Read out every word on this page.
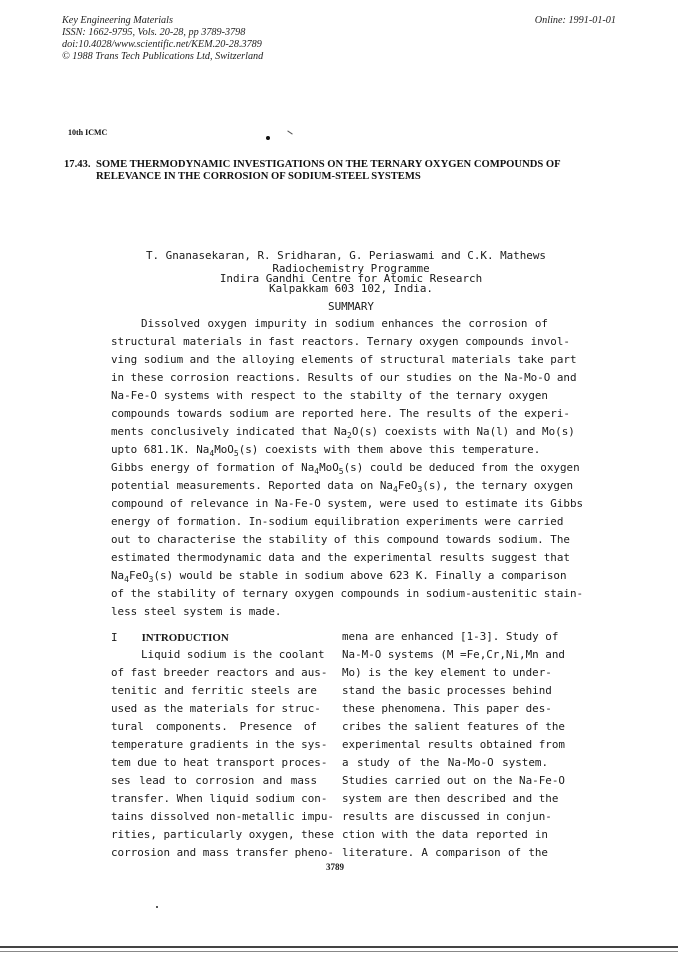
Key Engineering Materials
ISSN: 1662-9795, Vols. 20-28, pp 3789-3798
doi:10.4028/www.scientific.net/KEM.20-28.3789
© 1988 Trans Tech Publications Ltd, Switzerland
Online: 1991-01-01
10th ICMC
17.43. SOME THERMODYNAMIC INVESTIGATIONS ON THE TERNARY OXYGEN COMPOUNDS OF
RELEVANCE IN THE CORROSION OF SODIUM-STEEL SYSTEMS
T. Gnanasekaran, R. Sridharan, G. Periaswami and C.K. Mathews
Radiochemistry Programme
Indira Gandhi Centre for Atomic Research
Kalpakkam 603 102, India.
SUMMARY
Dissolved oxygen impurity in sodium enhances the corrosion of
structural materials in fast reactors. Ternary oxygen compounds invol-
ving sodium and the alloying elements of structural materials take part
in these corrosion reactions. Results of our studies on the Na-Mo-O and
Na-Fe-O systems with respect to the stabilty of the ternary oxygen
compounds towards sodium are reported here. The results of the experi-
ments conclusively indicated that $Na_2O(s)$ coexists with Na(l) and Mo(s)
upto 681.1K. $Na_4MoO_5(s)$ coexists with them above this temperature.
Gibbs energy of formation of $Na_4MoO_5(s)$ could be deduced from the oxygen
potential measurements. Reported data on $Na_4FeO_3(s)$, the ternary oxygen
compound of relevance in Na-Fe-O system, were used to estimate its Gibbs
energy of formation. In-sodium equilibration experiments were carried
out to characterise the stability of this compound towards sodium. The
estimated thermodynamic data and the experimental results suggest that
$Na_4FeO_3(s)$ would be stable in sodium above 623 K. Finally a comparison
of the stability of ternary oxygen compounds in sodium-austenitic stain-
less steel system is made.
I INTRODUCTION
Liquid sodium is the coolant
of fast breeder reactors and aus-
tenitic and ferritic steels are
used as the materials for struc-
tural components. Presence of
temperature gradients in the sys-
tem due to heat transport proces-
ses lead to corrosion and mass
transfer. When liquid sodium con-
tains dissolved non-metallic impu-
rities, particularly oxygen, these
corrosion and mass transfer pheno-
mena are enhanced [1-3]. Study of
Na-M-O systems (M =Fe,Cr,Ni,Mn and
Mo) is the key element to under-
stand the basic processes behind
these phenomena. This paper des-
cribes the salient features of the
experimental results obtained from
a study of the Na-Mo-O system.
Studies carried out on the Na-Fe-O
system are then described and the
results are discussed in conjun-
ction with the data reported in
literature. A comparison of the
3789
